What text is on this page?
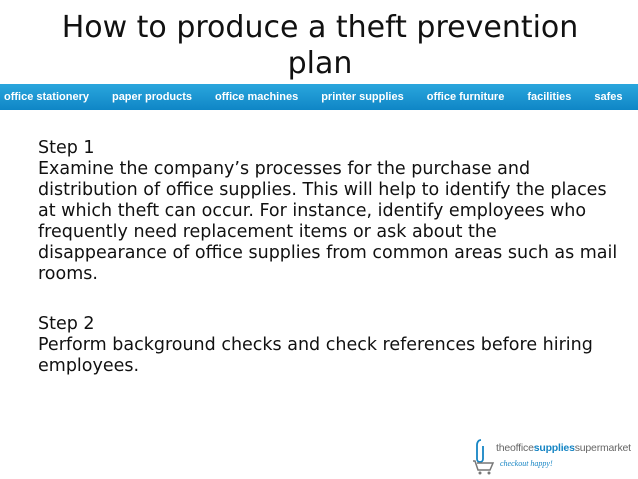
How to produce a theft prevention plan
office stationery paper products office machines printer supplies office furniture facilities safes

Step 1

Examine the company’s processes for the purchase and distribution of office supplies. This will help to identify the places at which theft can occur. For instance, identify employees who frequently need replacement items or ask about the disappearance of office supplies from common areas such as mail rooms.

Step 2

Perform background checks and check references before hiring employees.

theofficesuppliessupermarket
checkout happy!
